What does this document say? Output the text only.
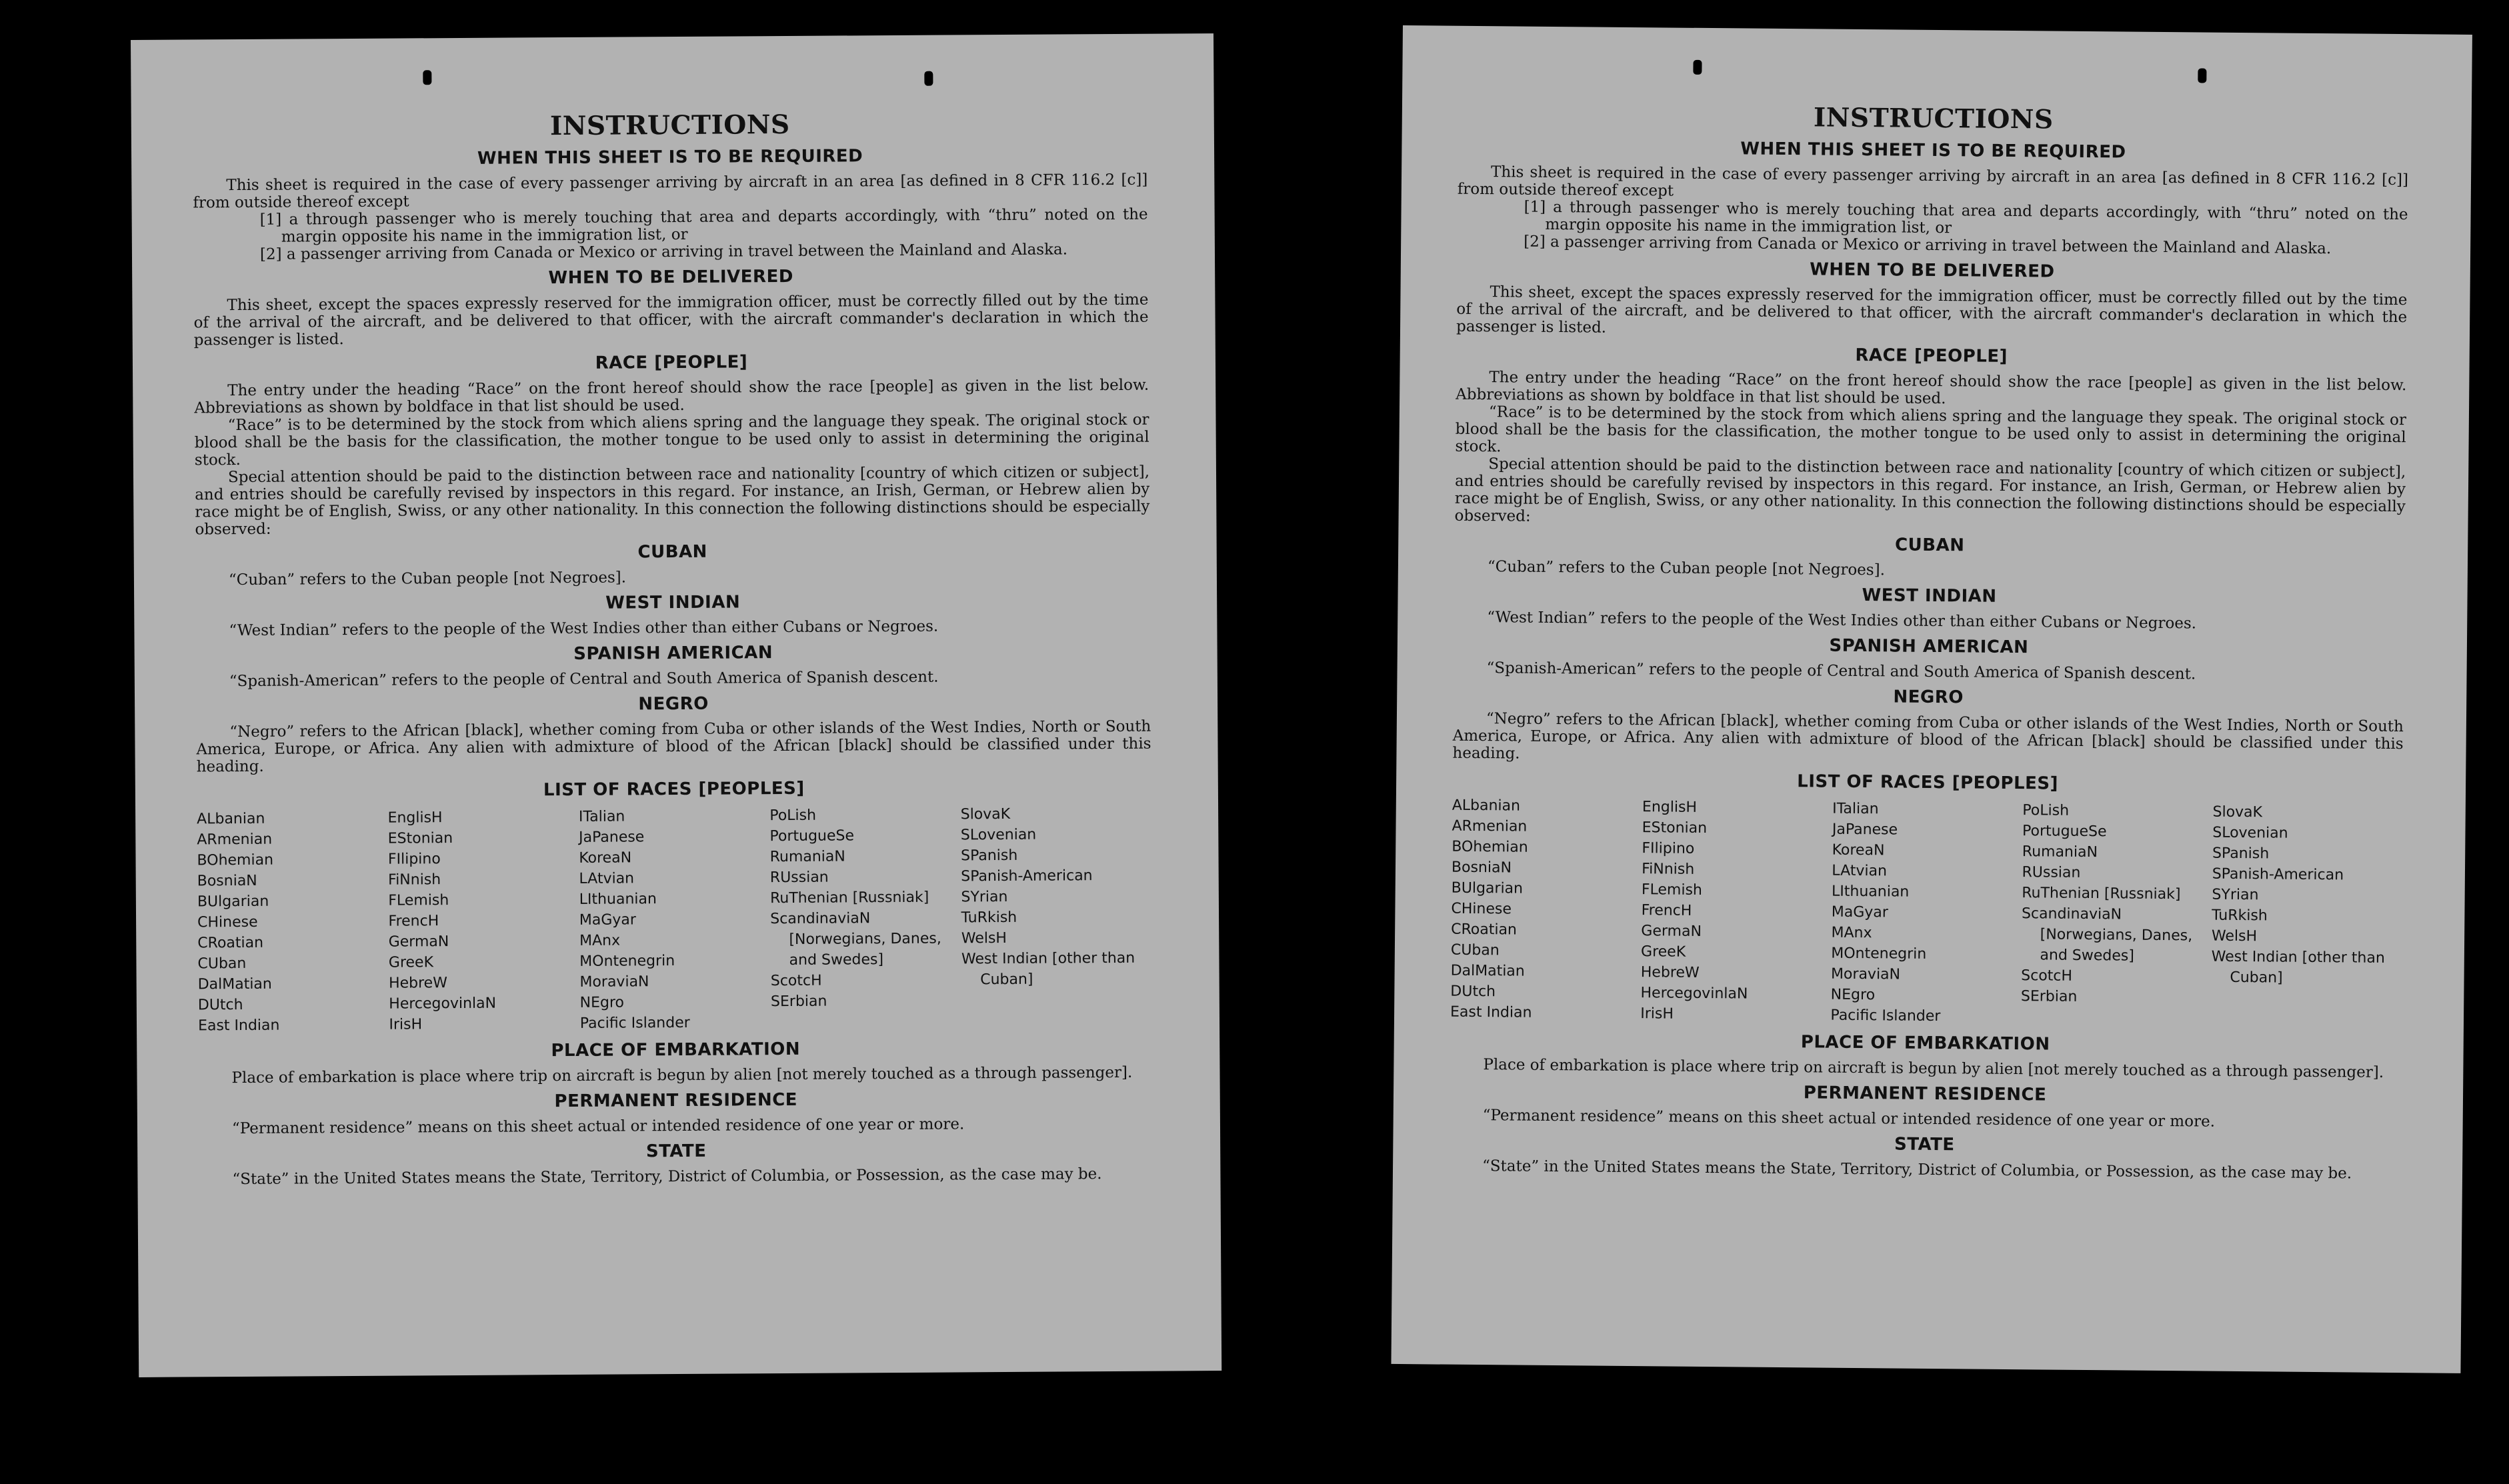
INSTRUCTIONS
WHEN THIS SHEET IS TO BE REQUIRED

This sheet is required in the case of every passenger arriving by aircraft in an area [as defined in 8 CFR 116.2 [c]] from outside thereof except

[1] a through passenger who is merely touching that area and departs accordingly, with “thru” noted on the margin opposite his name in the immigration list, or
[2] a passenger arriving from Canada or Mexico or arriving in travel between the Mainland and Alaska.
WHEN TO BE DELIVERED

This sheet, except the spaces expressly reserved for the immigration officer, must be correctly filled out by the time of the arrival of the aircraft, and be delivered to that officer, with the aircraft commander's declaration in which the passenger is listed.

RACE [PEOPLE]

The entry under the heading “Race” on the front hereof should show the race [people] as given in the list below. Abbreviations as shown by boldface in that list should be used.

“Race” is to be determined by the stock from which aliens spring and the language they speak. The original stock or blood shall be the basis for the classification, the mother tongue to be used only to assist in determining the original stock.

Special attention should be paid to the distinction between race and nationality [country of which citizen or subject], and entries should be carefully revised by inspectors in this regard. For instance, an Irish, German, or Hebrew alien by race might be of English, Swiss, or any other nationality. In this connection the following distinctions should be especially observed:

CUBAN

“Cuban” refers to the Cuban people [not Negroes].

WEST INDIAN

“West Indian” refers to the people of the West Indies other than either Cubans or Negroes.

SPANISH AMERICAN

“Spanish-American” refers to the people of Central and South America of Spanish descent.

NEGRO

“Negro” refers to the African [black], whether coming from Cuba or other islands of the West Indies, North or South America, Europe, or Africa. Any alien with admixture of blood of the African [black] should be classified under this heading.

LIST OF RACES [PEOPLES]
ALbanian
ARmenian
BOhemian
BosniaN
BUlgarian
CHinese
CRoatian
CUban
DalMatian
DUtch
East Indian
EnglisH
EStonian
FIlipino
FiNnish
FLemish
FrencH
GermaN
GreeK
HebreW
HercegovinlaN
IrisH
ITalian
JaPanese
KoreaN
LAtvian
LIthuanian
MaGyar
MAnx
MOntenegrin
MoraviaN
NEgro
Pacific Islander
PoLish
PortugueSe
RumaniaN
RUssian
RuThenian [Russniak]
ScandinaviaN [Norwegians, Danes, and Swedes]
ScotcH
SErbian
SlovaK
SLovenian
SPanish
SPanish-American
SYrian
TuRkish
WelsH
West Indian [other than Cuban]
PLACE OF EMBARKATION

Place of embarkation is place where trip on aircraft is begun by alien [not merely touched as a through passenger].

PERMANENT RESIDENCE

“Permanent residence” means on this sheet actual or intended residence of one year or more.

STATE

“State” in the United States means the State, Territory, District of Columbia, or Possession, as the case may be.

INSTRUCTIONS
WHEN THIS SHEET IS TO BE REQUIRED

This sheet is required in the case of every passenger arriving by aircraft in an area [as defined in 8 CFR 116.2 [c]] from outside thereof except

[1] a through passenger who is merely touching that area and departs accordingly, with “thru” noted on the margin opposite his name in the immigration list, or
[2] a passenger arriving from Canada or Mexico or arriving in travel between the Mainland and Alaska.
WHEN TO BE DELIVERED

This sheet, except the spaces expressly reserved for the immigration officer, must be correctly filled out by the time of the arrival of the aircraft, and be delivered to that officer, with the aircraft commander's declaration in which the passenger is listed.

RACE [PEOPLE]

The entry under the heading “Race” on the front hereof should show the race [people] as given in the list below. Abbreviations as shown by boldface in that list should be used.

“Race” is to be determined by the stock from which aliens spring and the language they speak. The original stock or blood shall be the basis for the classification, the mother tongue to be used only to assist in determining the original stock.

Special attention should be paid to the distinction between race and nationality [country of which citizen or subject], and entries should be carefully revised by inspectors in this regard. For instance, an Irish, German, or Hebrew alien by race might be of English, Swiss, or any other nationality. In this connection the following distinctions should be especially observed:

CUBAN

“Cuban” refers to the Cuban people [not Negroes].

WEST INDIAN

“West Indian” refers to the people of the West Indies other than either Cubans or Negroes.

SPANISH AMERICAN

“Spanish-American” refers to the people of Central and South America of Spanish descent.

NEGRO

“Negro” refers to the African [black], whether coming from Cuba or other islands of the West Indies, North or South America, Europe, or Africa. Any alien with admixture of blood of the African [black] should be classified under this heading.

LIST OF RACES [PEOPLES]
ALbanian
ARmenian
BOhemian
BosniaN
BUlgarian
CHinese
CRoatian
CUban
DalMatian
DUtch
East Indian
EnglisH
EStonian
FIlipino
FiNnish
FLemish
FrencH
GermaN
GreeK
HebreW
HercegovinlaN
IrisH
ITalian
JaPanese
KoreaN
LAtvian
LIthuanian
MaGyar
MAnx
MOntenegrin
MoraviaN
NEgro
Pacific Islander
PoLish
PortugueSe
RumaniaN
RUssian
RuThenian [Russniak]
ScandinaviaN [Norwegians, Danes, and Swedes]
ScotcH
SErbian
SlovaK
SLovenian
SPanish
SPanish-American
SYrian
TuRkish
WelsH
West Indian [other than Cuban]
PLACE OF EMBARKATION

Place of embarkation is place where trip on aircraft is begun by alien [not merely touched as a through passenger].

PERMANENT RESIDENCE

“Permanent residence” means on this sheet actual or intended residence of one year or more.

STATE

“State” in the United States means the State, Territory, District of Columbia, or Possession, as the case may be.
